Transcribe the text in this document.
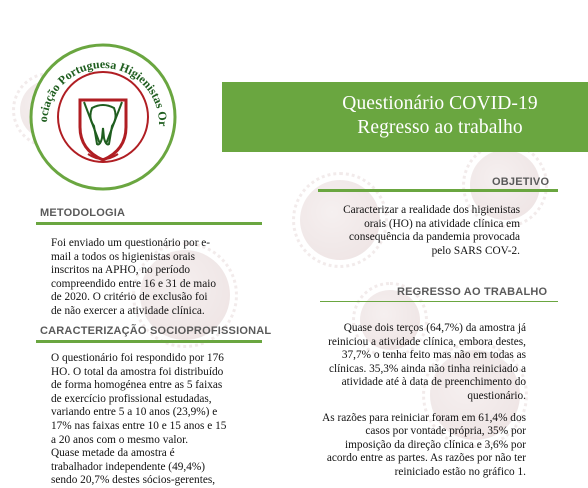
ociação Portuguesa Higienistas Or
Questionário COVID-19
Regresso ao trabalho
OBJETIVO
Caracterizar a realidade dos higienistas
orais (HO) na atividade clínica em
consequência da pandemia provocada
pelo SARS COV-2.
METODOLOGIA
Foi enviado um questionário por e-
mail a todos os higienistas orais
inscritos na APHO, no período
compreendido entre 16 e 31 de maio
de 2020. O critério de exclusão foi
de não exercer a atividade clínica.
REGRESSO AO TRABALHO
Quase dois terços (64,7%) da amostra já
reiniciou a atividade clínica, embora destes,
37,7% o tenha feito mas não em todas as
clínicas. 35,3% ainda não tinha reiniciado a
atividade até à data de preenchimento do
questionário.
As razões para reiniciar foram em 61,4% dos
casos por vontade própria, 35% por
imposição da direção clínica e 3,6% por
acordo entre as partes. As razões por não ter
reiniciado estão no gráfico 1.
CARACTERIZAÇÃO SOCIOPROFISSIONAL
O questionário foi respondido por 176
HO. O total da amostra foi distribuído
de forma homogénea entre as 5 faixas
de exercício profissional estudadas,
variando entre 5 a 10 anos (23,9%) e
17% nas faixas entre 10 e 15 anos e 15
a 20 anos com o mesmo valor.
Quase metade da amostra é
trabalhador independente (49,4%)
sendo 20,7% destes sócios-gerentes,
